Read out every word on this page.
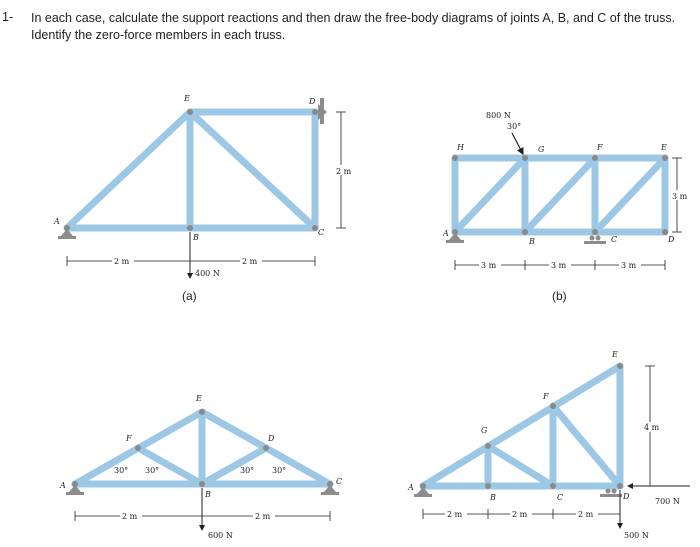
1- In each case, calculate the support reactions and then draw the free-body diagrams of joints A, B, and C of the truss. Identify the zero-force members in each truss.
A
B
C
D
E
400 N
2 m	2 m
2 m
(a)
A
B	C	D
E
F
G
H
800 N
30°
3 m	3 m	3 m
3 m
(b)
A
B
C
D
E
F
30° 30°	30° 30°
600 N
2 m	2 m
A
B	C	D
E
F
G
700 N
500 N
2 m	2 m	2 m
4 m
